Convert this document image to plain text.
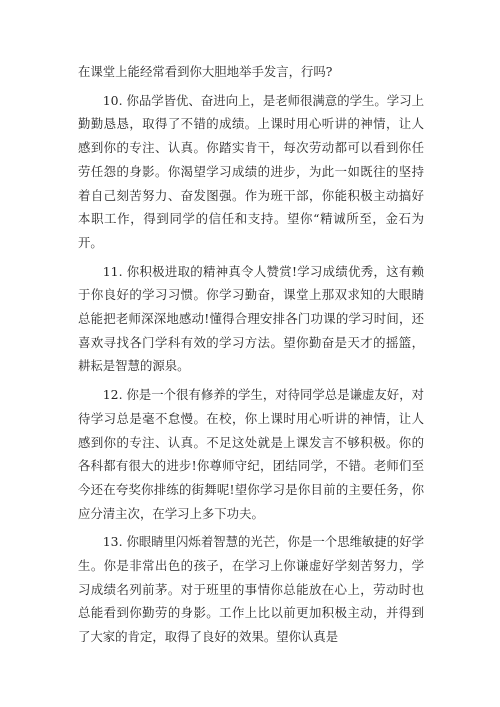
在课堂上能经常看到你大胆地举手发言，行吗?

10. 你品学皆优、奋进向上，是老师很满意的学生。学习上勤勤恳恳，取得了不错的成绩。上课时用心听讲的神情，让人感到你的专注、认真。你踏实肯干，每次劳动都可以看到你任劳任怨的身影。你渴望学习成绩的进步，为此一如既往的坚持着自己刻苦努力、奋发图强。作为班干部，你能积极主动搞好本职工作，得到同学的信任和支持。望你“精诚所至，金石为开。

11. 你积极进取的精神真令人赞赏!学习成绩优秀，这有赖于你良好的学习习惯。你学习勤奋，课堂上那双求知的大眼睛总能把老师深深地感动!懂得合理安排各门功课的学习时间，还喜欢寻找各门学科有效的学习方法。望你勤奋是天才的摇篮，耕耘是智慧的源泉。

12. 你是一个很有修养的学生，对待同学总是谦虚友好，对待学习总是毫不怠慢。在校，你上课时用心听讲的神情，让人感到你的专注、认真。不足这处就是上课发言不够积极。你的各科都有很大的进步!你尊师守纪，团结同学，不错。老师们至今还在夸奖你排练的街舞呢!望你学习是你目前的主要任务，你应分清主次，在学习上多下功夫。

13. 你眼睛里闪烁着智慧的光芒，你是一个思维敏捷的好学生。你是非常出色的孩子，在学习上你谦虚好学刻苦努力，学习成绩名列前茅。对于班里的事情你总能放在心上，劳动时也总能看到你勤劳的身影。工作上比以前更加积极主动，并得到了大家的肯定，取得了良好的效果。望你认真是
